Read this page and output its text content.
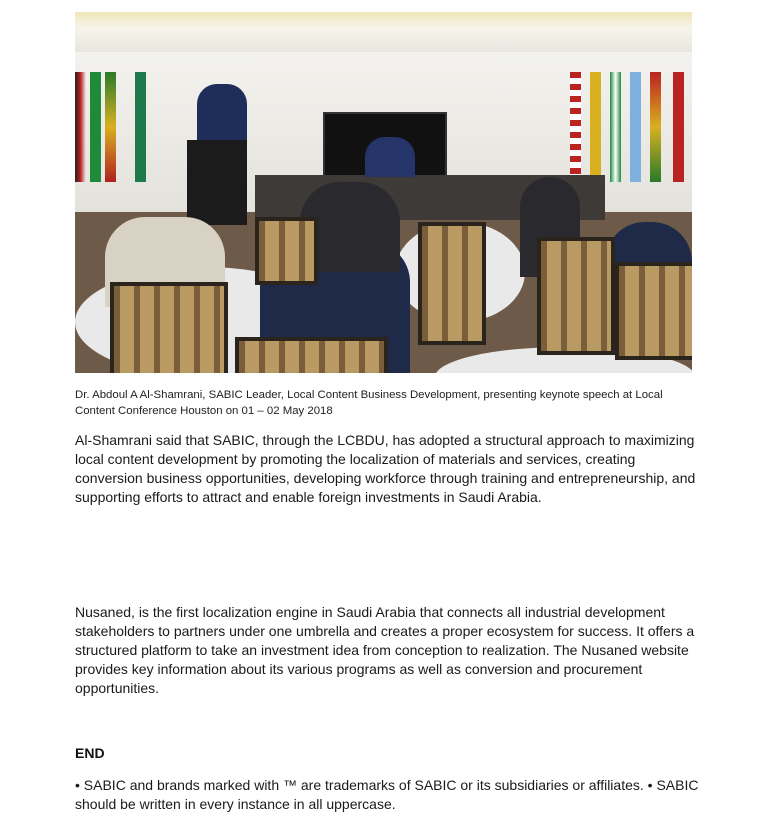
Dr. Abdoul A Al-Shamrani, SABIC Leader, Local Content Business Development, presenting keynote speech at Local Content Conference Houston on 01 – 02 May 2018
Al-Shamrani said that SABIC, through the LCBDU, has adopted a structural approach to maximizing local content development by promoting the localization of materials and services, creating conversion business opportunities, developing workforce through training and entrepreneurship, and supporting efforts to attract and enable foreign investments in Saudi Arabia.
Nusaned, is the first localization engine in Saudi Arabia that connects all industrial development stakeholders to partners under one umbrella and creates a proper ecosystem for success. It offers a structured platform to take an investment idea from conception to realization. The Nusaned website provides key information about its various programs as well as conversion and procurement opportunities.
END
• SABIC and brands marked with ™ are trademarks of SABIC or its subsidiaries or affiliates. • SABIC should be written in every instance in all uppercase.
